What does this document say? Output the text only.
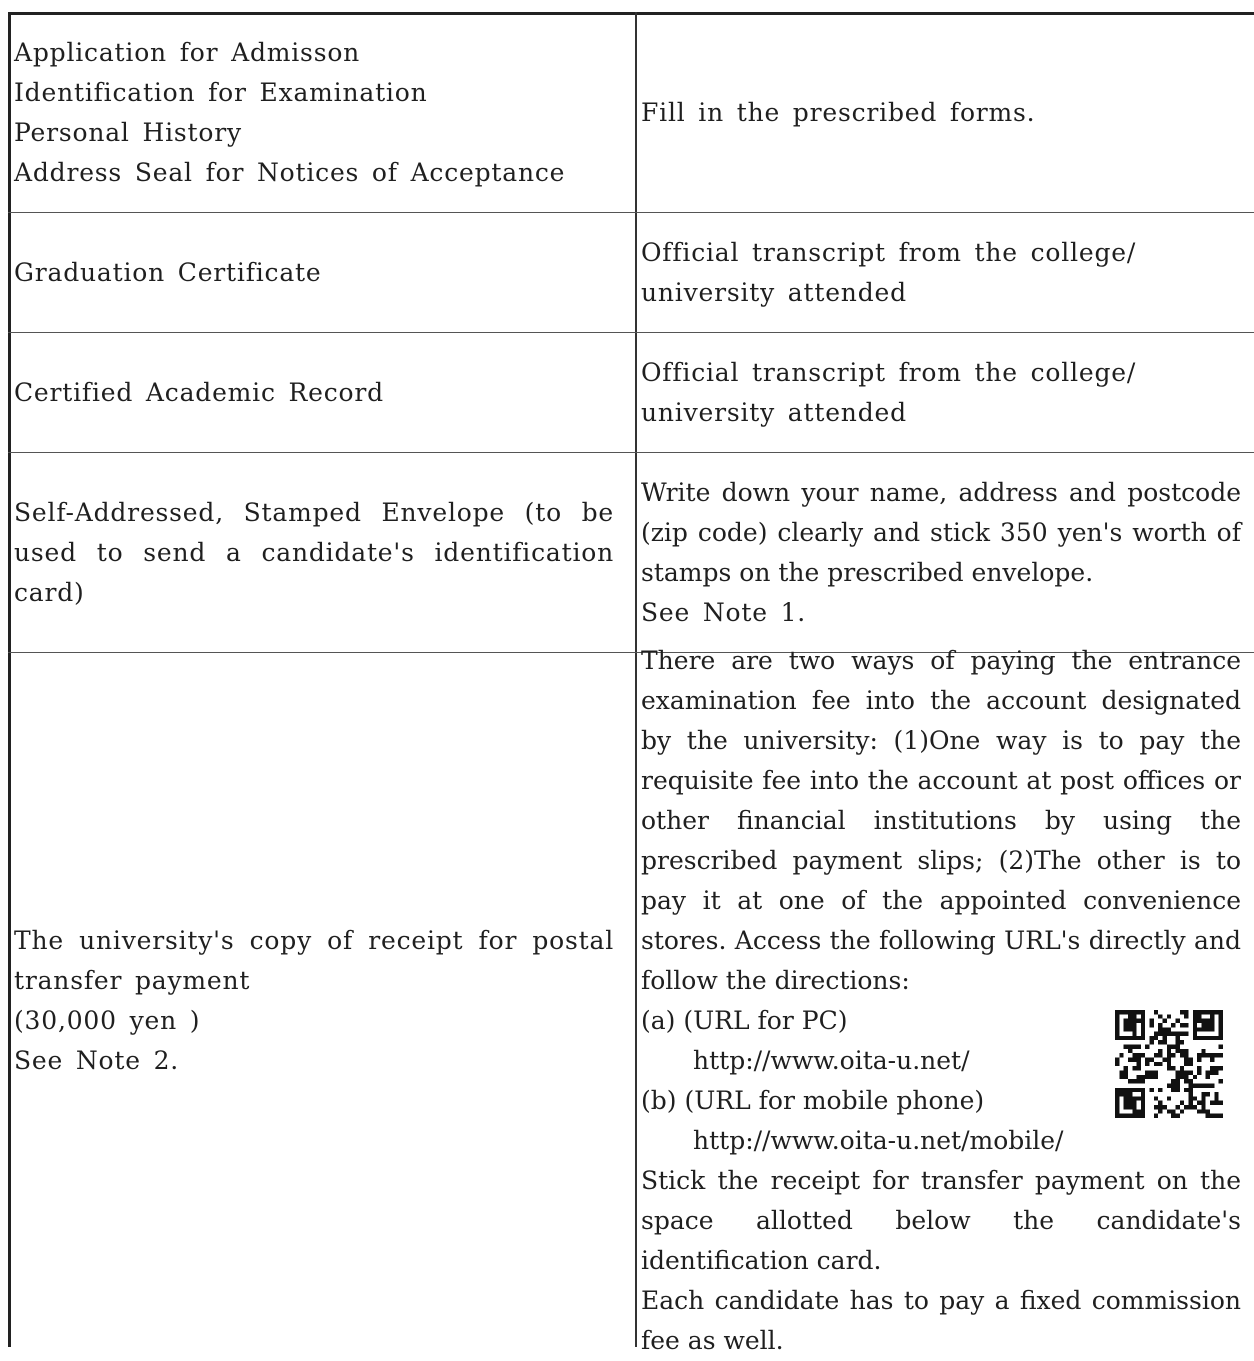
Application for Admisson
Identification for Examination
Personal History
Address Seal for Notices of Acceptance
Fill in the prescribed forms.
Graduation Certificate
Official transcript from the college/
university attended
Certified Academic Record
Official transcript from the college/
university attended
Self-Addressed, Stamped Envelope (to be used to send a candidate's identification card)
Write down your name, address and postcode (zip code) clearly and stick 350 yen's worth of stamps on the prescribed envelope.
See Note 1.
The university's copy of receipt for postal transfer payment
(30,000 yen )
See Note 2.
There are two ways of paying the entrance examination fee into the account designated by the university: (1)One way is to pay the requisite fee into the account at post offices or other financial institutions by using the prescribed payment slips; (2)The other is to pay it at one of the appointed convenience stores. Access the following URL's directly and follow the directions:
(a) (URL for PC)
http://www.oita-u.net/
(b) (URL for mobile phone)
http://www.oita-u.net/mobile/
Stick the receipt for transfer payment on the space allotted below the candidate's identification card.
Each candidate has to pay a fixed commission fee as well.
